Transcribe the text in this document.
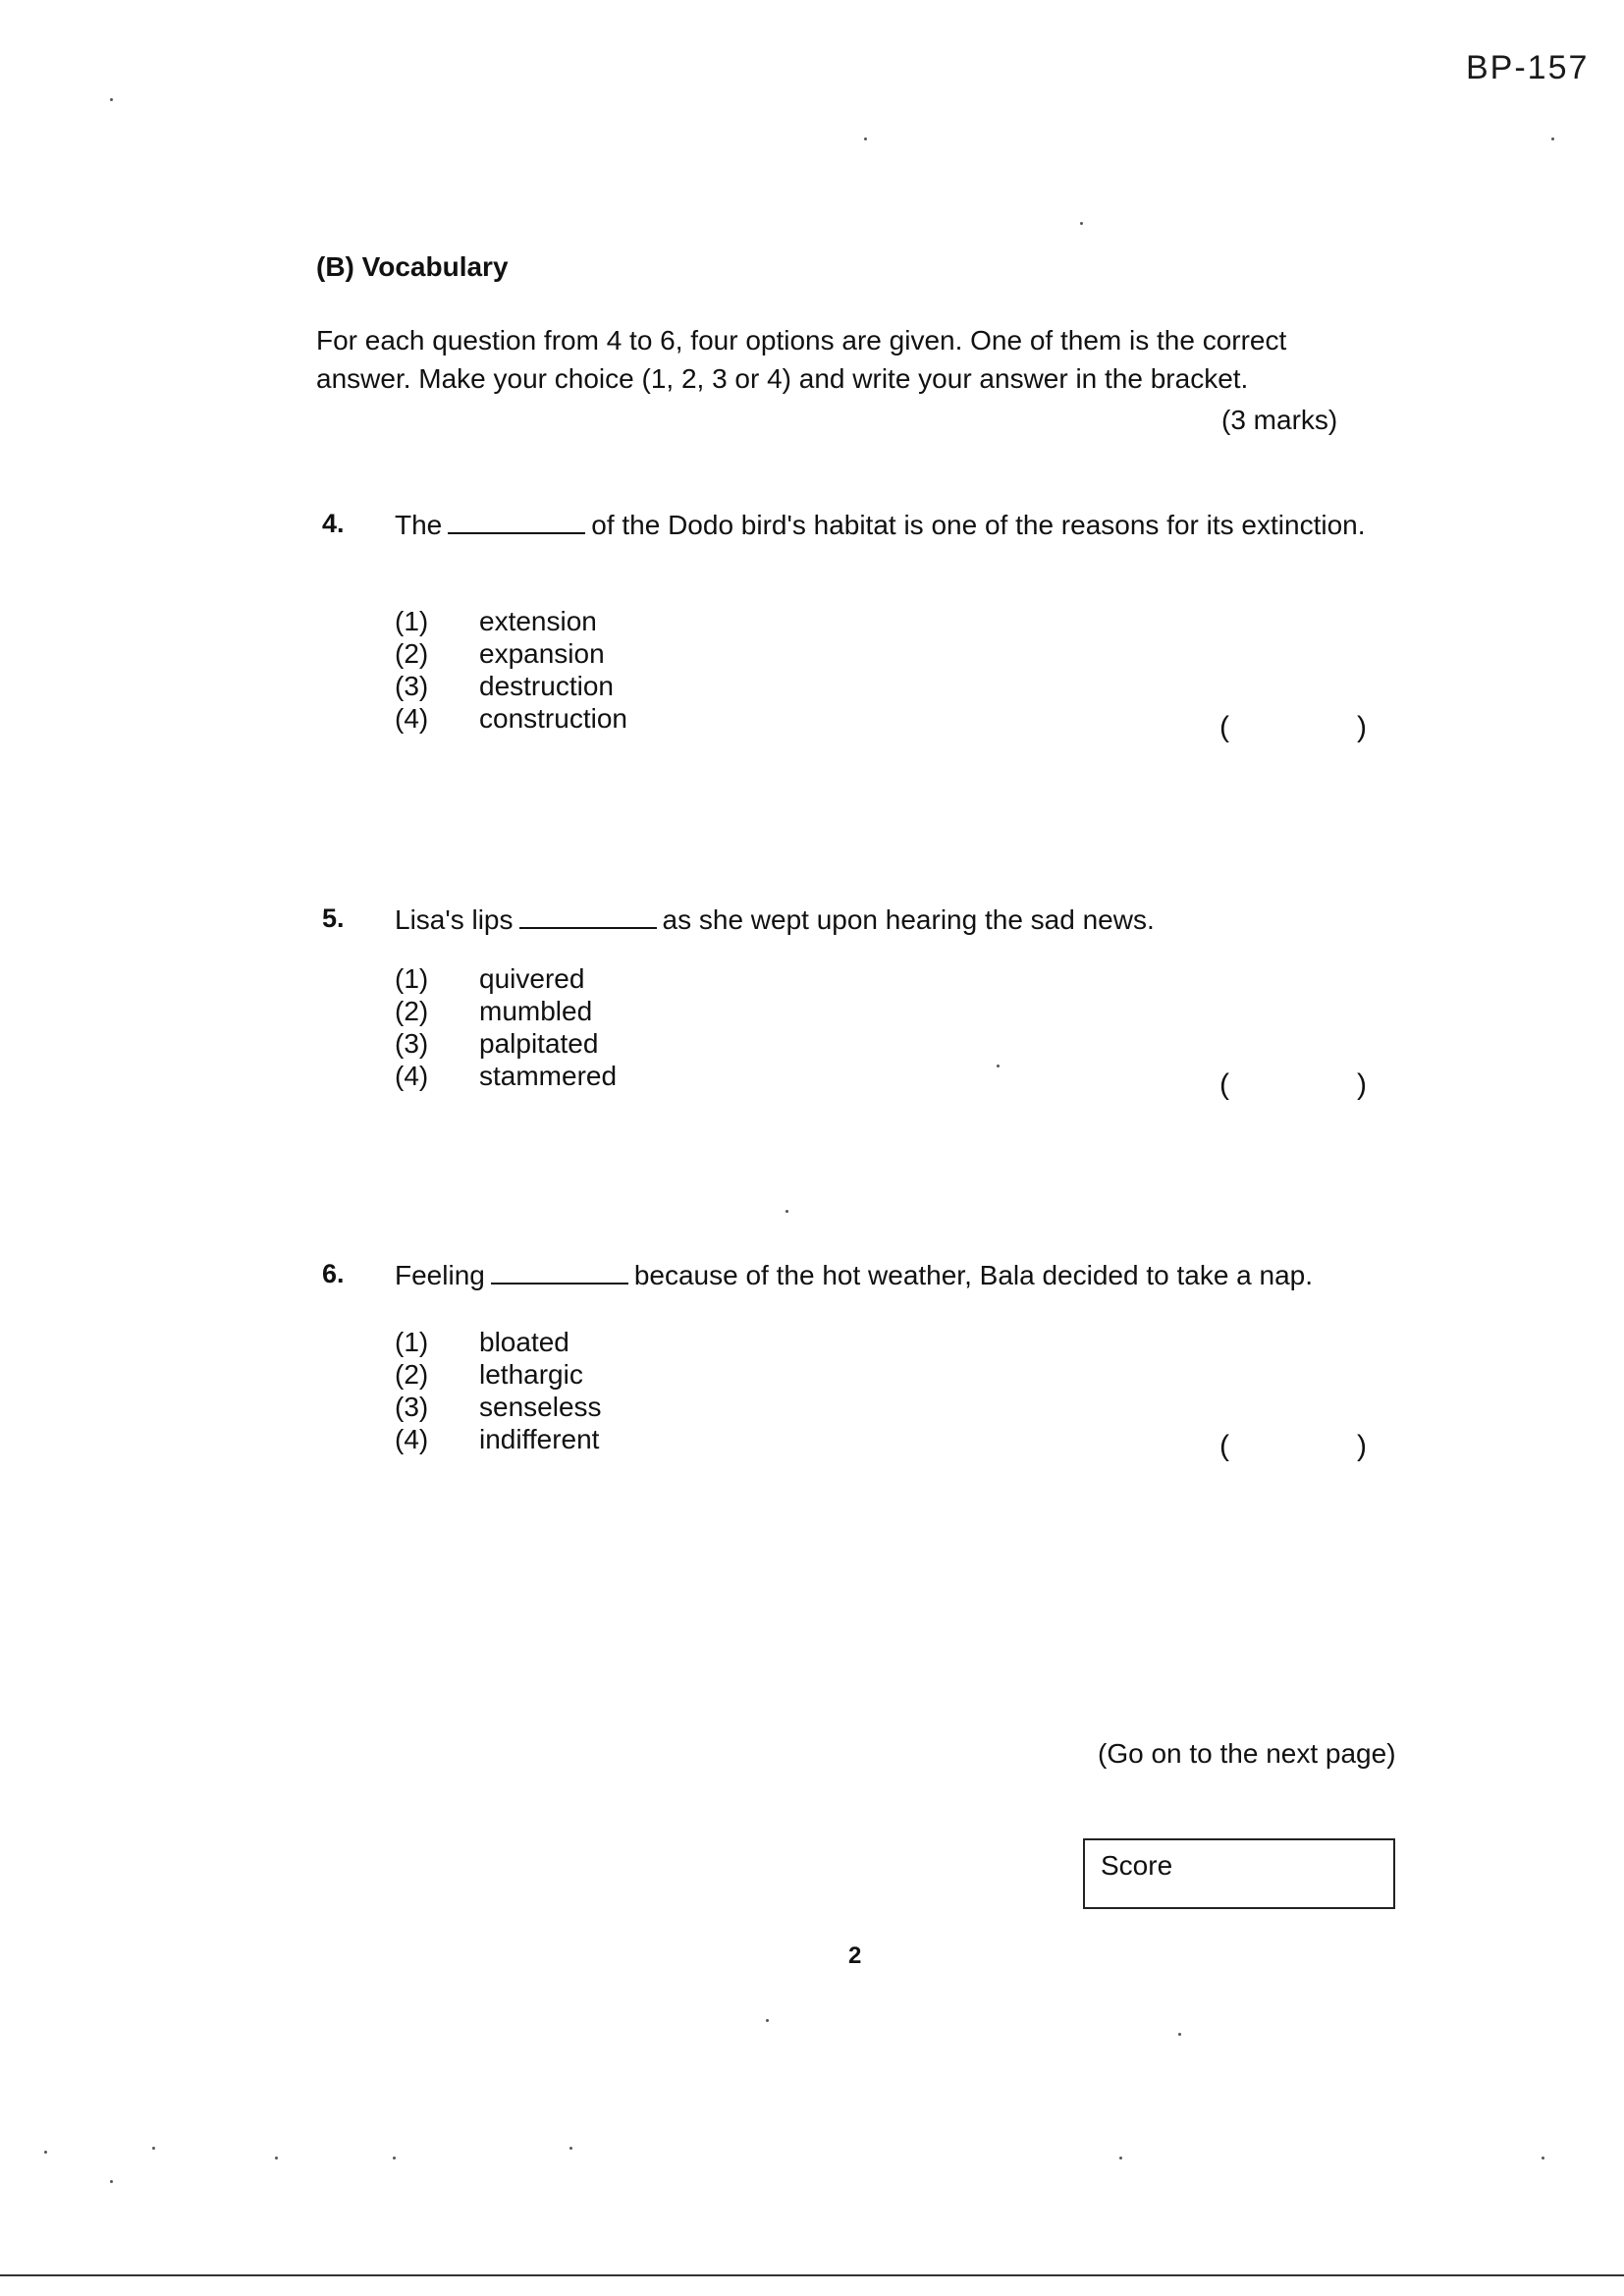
BP-157
(B) Vocabulary
For each question from 4 to 6, four options are given. One of them is the correct answer. Make your choice (1, 2, 3 or 4) and write your answer in the bracket.
(3 marks)
4. The	of the Dodo bird's habitat is one of the reasons for its extinction.
(1)	extension
(2)	expansion
(3)	destruction
(4)	construction	(	)
5. Lisa's lips	as she wept upon hearing the sad news.
(1)	quivered
(2)	mumbled
(3)	palpitated
(4)	stammered	(	)
6. Feeling	because of the hot weather, Bala decided to take a nap.
(1)	bloated
(2)	lethargic
(3)	senseless
(4)	indifferent	(	)
(Go on to the next page)
Score
2
